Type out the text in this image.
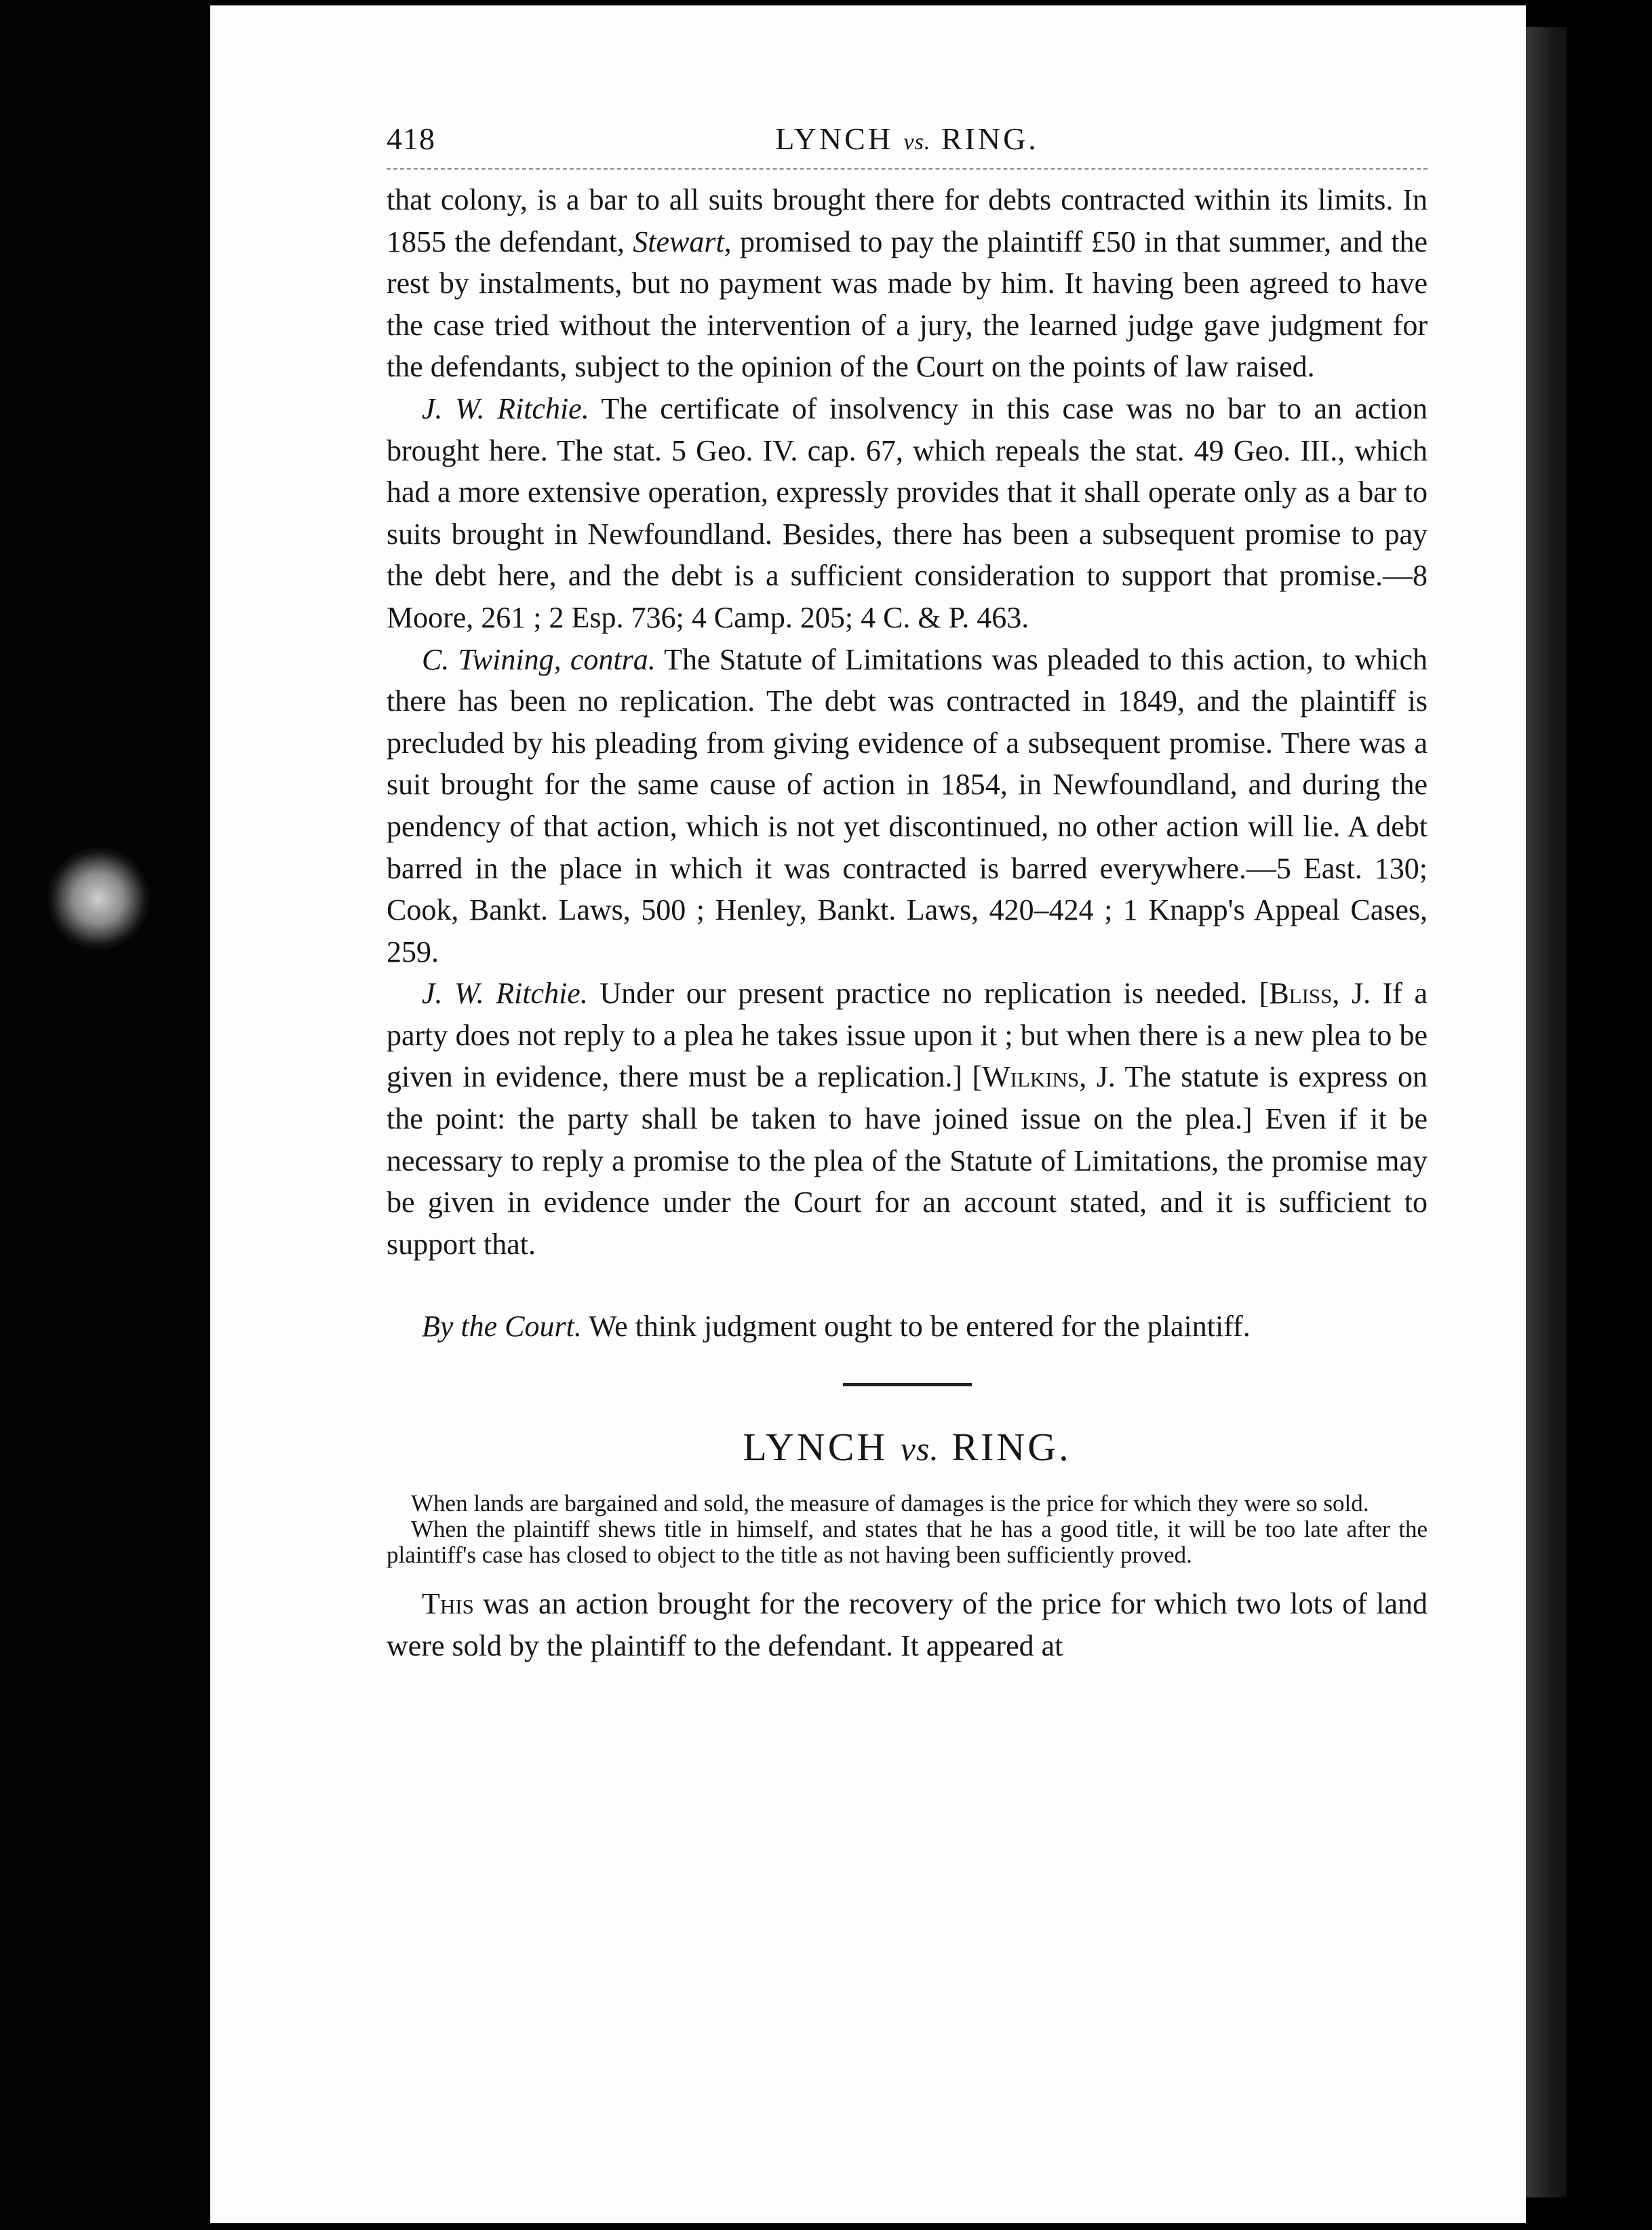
418	LYNCH vs. RING.

that colony, is a bar to all suits brought there for debts contracted within its limits. In 1855 the defendant, Stewart, promised to pay the plaintiff £50 in that summer, and the rest by instalments, but no payment was made by him. It having been agreed to have the case tried without the intervention of a jury, the learned judge gave judgment for the defendants, subject to the opinion of the Court on the points of law raised.

J. W. Ritchie. The certificate of insolvency in this case was no bar to an action brought here. The stat. 5 Geo. IV. cap. 67, which repeals the stat. 49 Geo. III., which had a more extensive operation, expressly provides that it shall operate only as a bar to suits brought in Newfoundland. Besides, there has been a subsequent promise to pay the debt here, and the debt is a sufficient consideration to support that promise.—8 Moore, 261 ; 2 Esp. 736; 4 Camp. 205; 4 C. & P. 463.

C. Twining, contra. The Statute of Limitations was pleaded to this action, to which there has been no replication. The debt was contracted in 1849, and the plaintiff is precluded by his pleading from giving evidence of a subsequent promise. There was a suit brought for the same cause of action in 1854, in Newfoundland, and during the pendency of that action, which is not yet discontinued, no other action will lie. A debt barred in the place in which it was contracted is barred everywhere.—5 East. 130; Cook, Bankt. Laws, 500 ; Henley, Bankt. Laws, 420–424 ; 1 Knapp's Appeal Cases, 259.

J. W. Ritchie. Under our present practice no replication is needed. [Bliss, J. If a party does not reply to a plea he takes issue upon it ; but when there is a new plea to be given in evidence, there must be a replication.] [Wilkins, J. The statute is express on the point: the party shall be taken to have joined issue on the plea.] Even if it be necessary to reply a promise to the plea of the Statute of Limitations, the promise may be given in evidence under the Court for an account stated, and it is sufficient to support that.

By the Court. We think judgment ought to be entered for the plaintiff.

LYNCH vs. RING.

When lands are bargained and sold, the measure of damages is the price for which they were so sold.

When the plaintiff shews title in himself, and states that he has a good title, it will be too late after the plaintiff's case has closed to object to the title as not having been sufficiently proved.

This was an action brought for the recovery of the price for which two lots of land were sold by the plaintiff to the defendant. It appeared at
